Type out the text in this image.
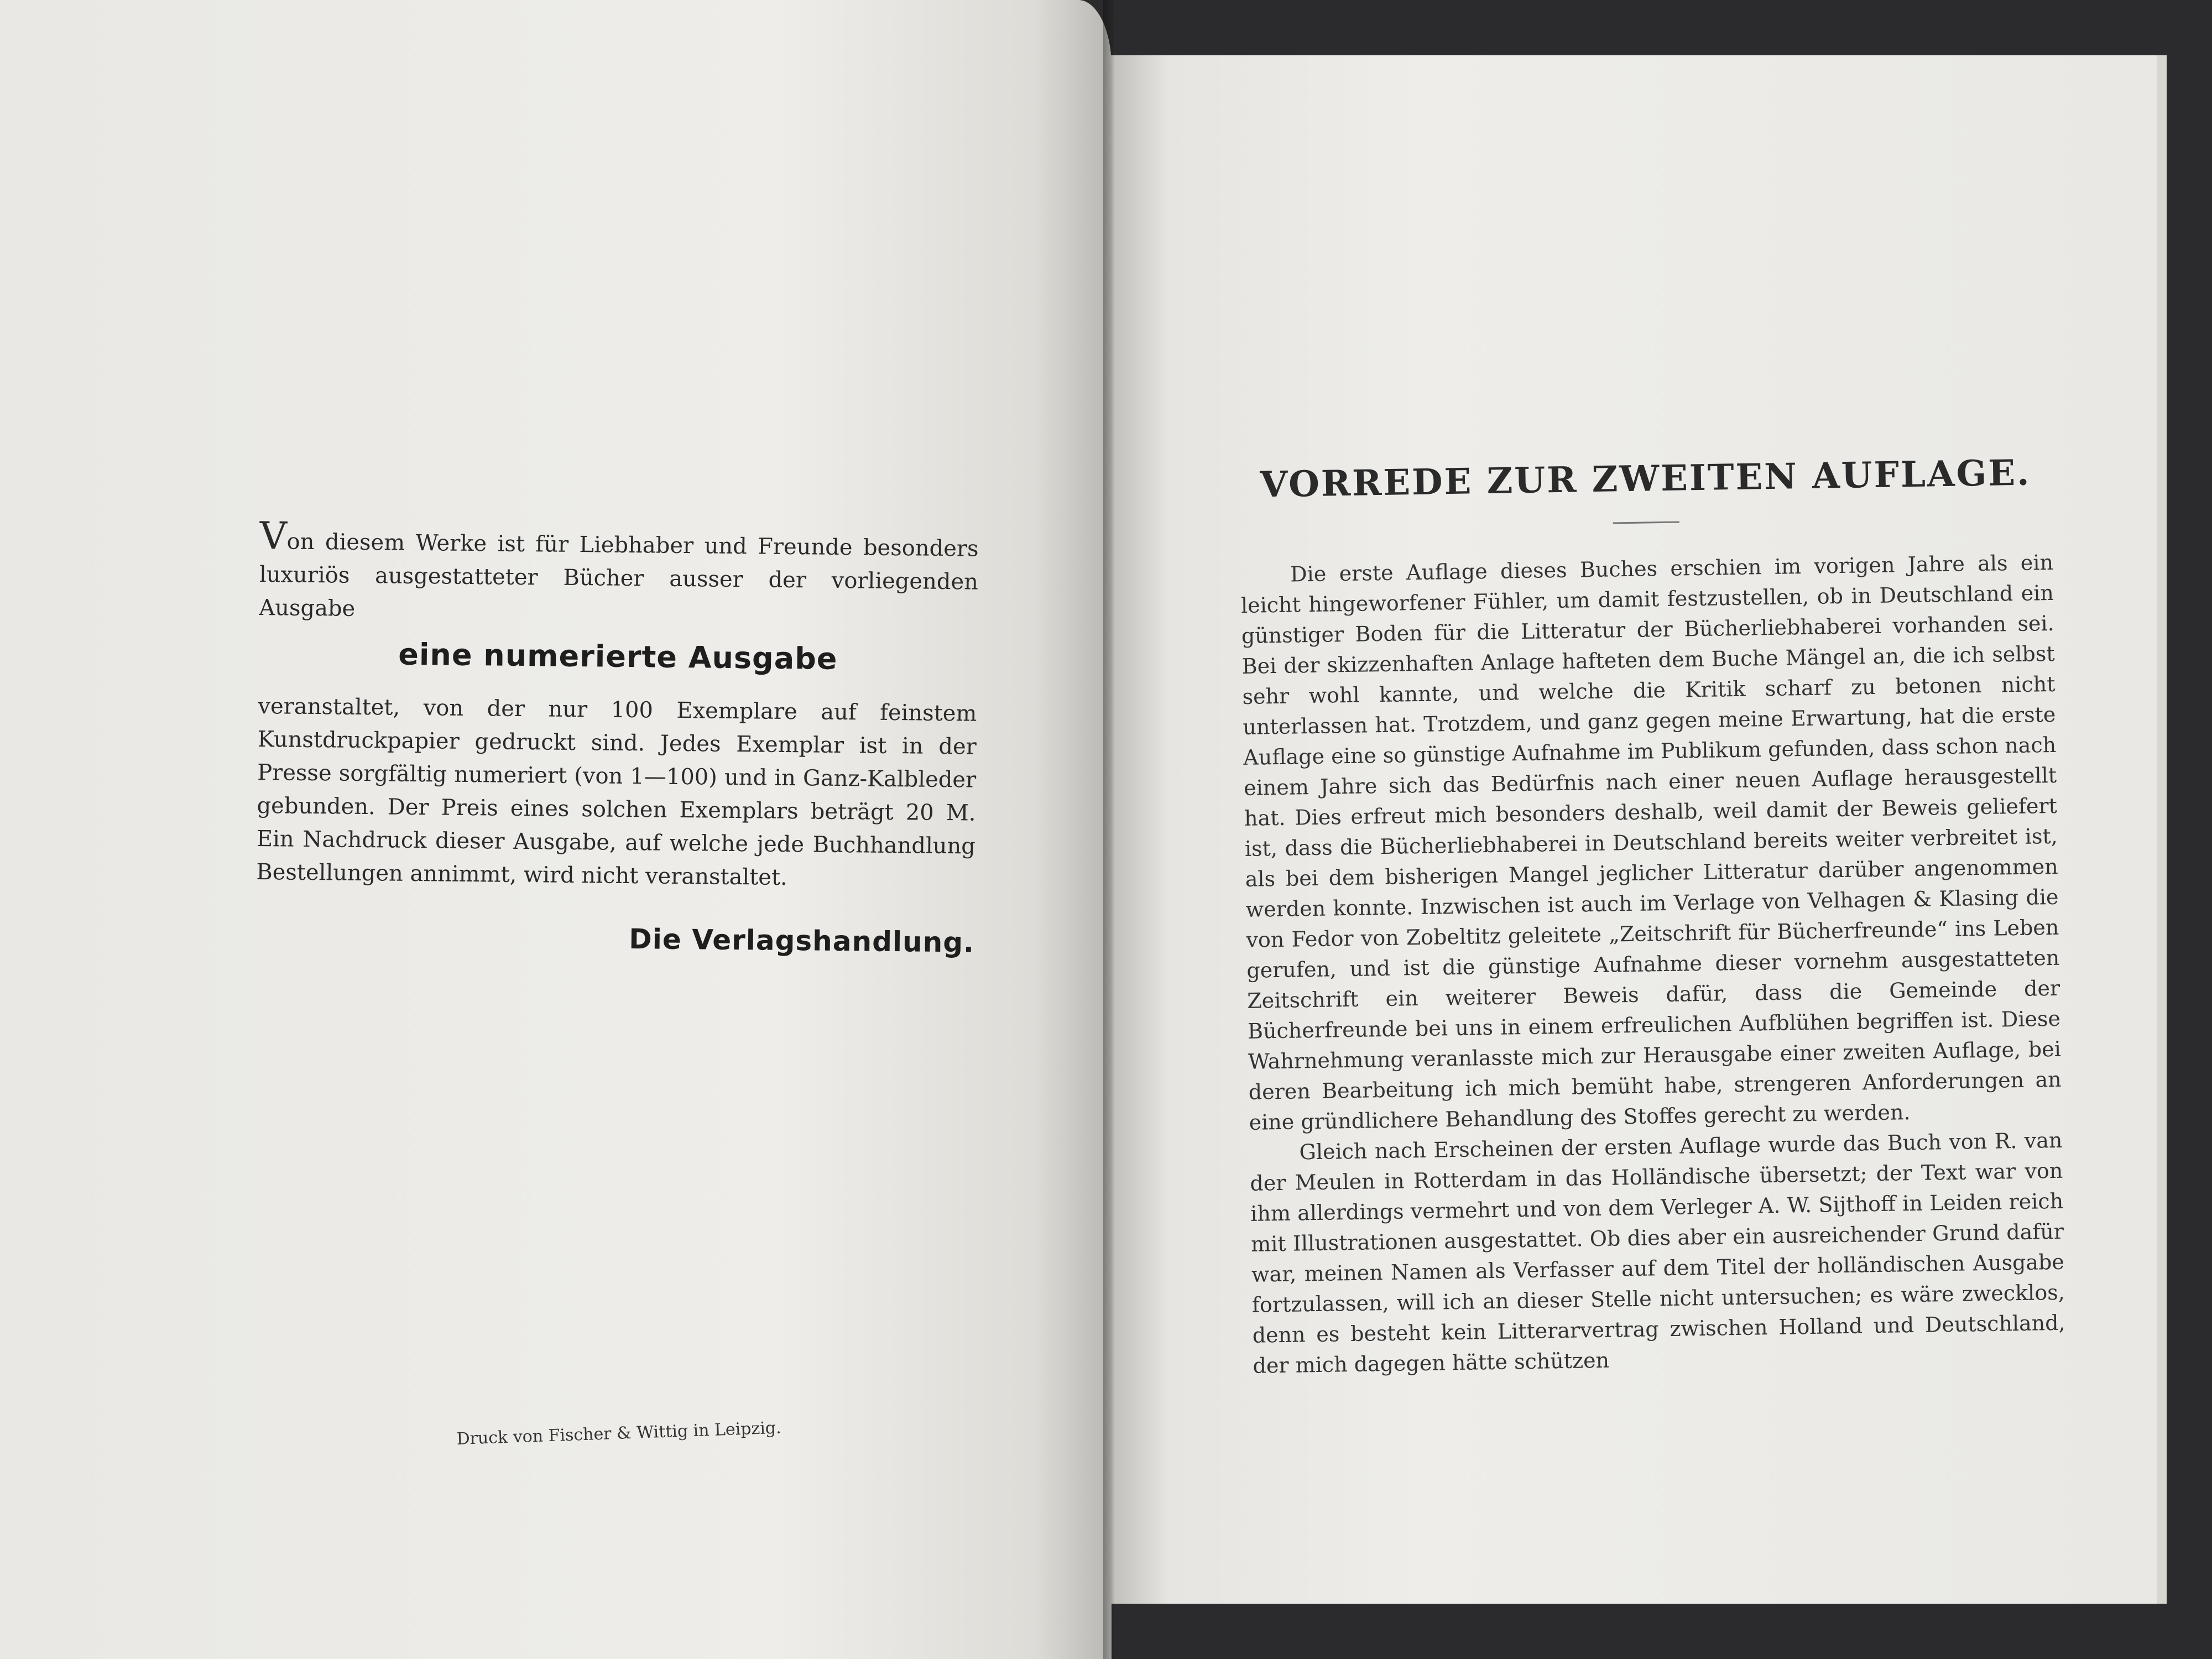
Von diesem Werke ist für Liebhaber und Freunde besonders luxuriös ausgestatteter Bücher ausser der vorliegenden Ausgabe

eine numerierte Ausgabe

veranstaltet, von der nur 100 Exemplare auf feinstem Kunstdruckpapier gedruckt sind. Jedes Exemplar ist in der Presse sorgfältig numeriert (von 1—100) und in Ganz-Kalbleder gebunden. Der Preis eines solchen Exemplars beträgt 20 M. Ein Nachdruck dieser Ausgabe, auf welche jede Buchhandlung Bestellungen annimmt, wird nicht veranstaltet.

Die Verlagshandlung.
Druck von Fischer & Wittig in Leipzig.
VORREDE ZUR ZWEITEN AUFLAGE.

Die erste Auflage dieses Buches erschien im vorigen Jahre als ein leicht hingeworfener Fühler, um damit festzustellen, ob in Deutschland ein günstiger Boden für die Litteratur der Bücherliebhaberei vorhanden sei. Bei der skizzenhaften Anlage hafteten dem Buche Mängel an, die ich selbst sehr wohl kannte, und welche die Kritik scharf zu betonen nicht unterlassen hat. Trotzdem, und ganz gegen meine Erwartung, hat die erste Auflage eine so günstige Aufnahme im Publikum gefunden, dass schon nach einem Jahre sich das Bedürfnis nach einer neuen Auflage herausgestellt hat. Dies erfreut mich besonders deshalb, weil damit der Beweis geliefert ist, dass die Bücherliebhaberei in Deutschland bereits weiter verbreitet ist, als bei dem bisherigen Mangel jeglicher Litteratur darüber angenommen werden konnte. Inzwischen ist auch im Verlage von Velhagen & Klasing die von Fedor von Zobeltitz geleitete „Zeitschrift für Bücherfreunde“ ins Leben gerufen, und ist die günstige Aufnahme dieser vornehm ausgestatteten Zeitschrift ein weiterer Beweis dafür, dass die Gemeinde der Bücherfreunde bei uns in einem erfreulichen Aufblühen begriffen ist. Diese Wahrnehmung veranlasste mich zur Herausgabe einer zweiten Auflage, bei deren Bearbeitung ich mich bemüht habe, strengeren Anforderungen an eine gründlichere Behandlung des Stoffes gerecht zu werden.

Gleich nach Erscheinen der ersten Auflage wurde das Buch von R. van der Meulen in Rotterdam in das Holländische übersetzt; der Text war von ihm allerdings vermehrt und von dem Verleger A. W. Sijthoff in Leiden reich mit Illustrationen ausgestattet. Ob dies aber ein ausreichender Grund dafür war, meinen Namen als Verfasser auf dem Titel der holländischen Ausgabe fortzulassen, will ich an dieser Stelle nicht untersuchen; es wäre zwecklos, denn es besteht kein Litterarvertrag zwischen Holland und Deutschland, der mich dagegen hätte schützen
